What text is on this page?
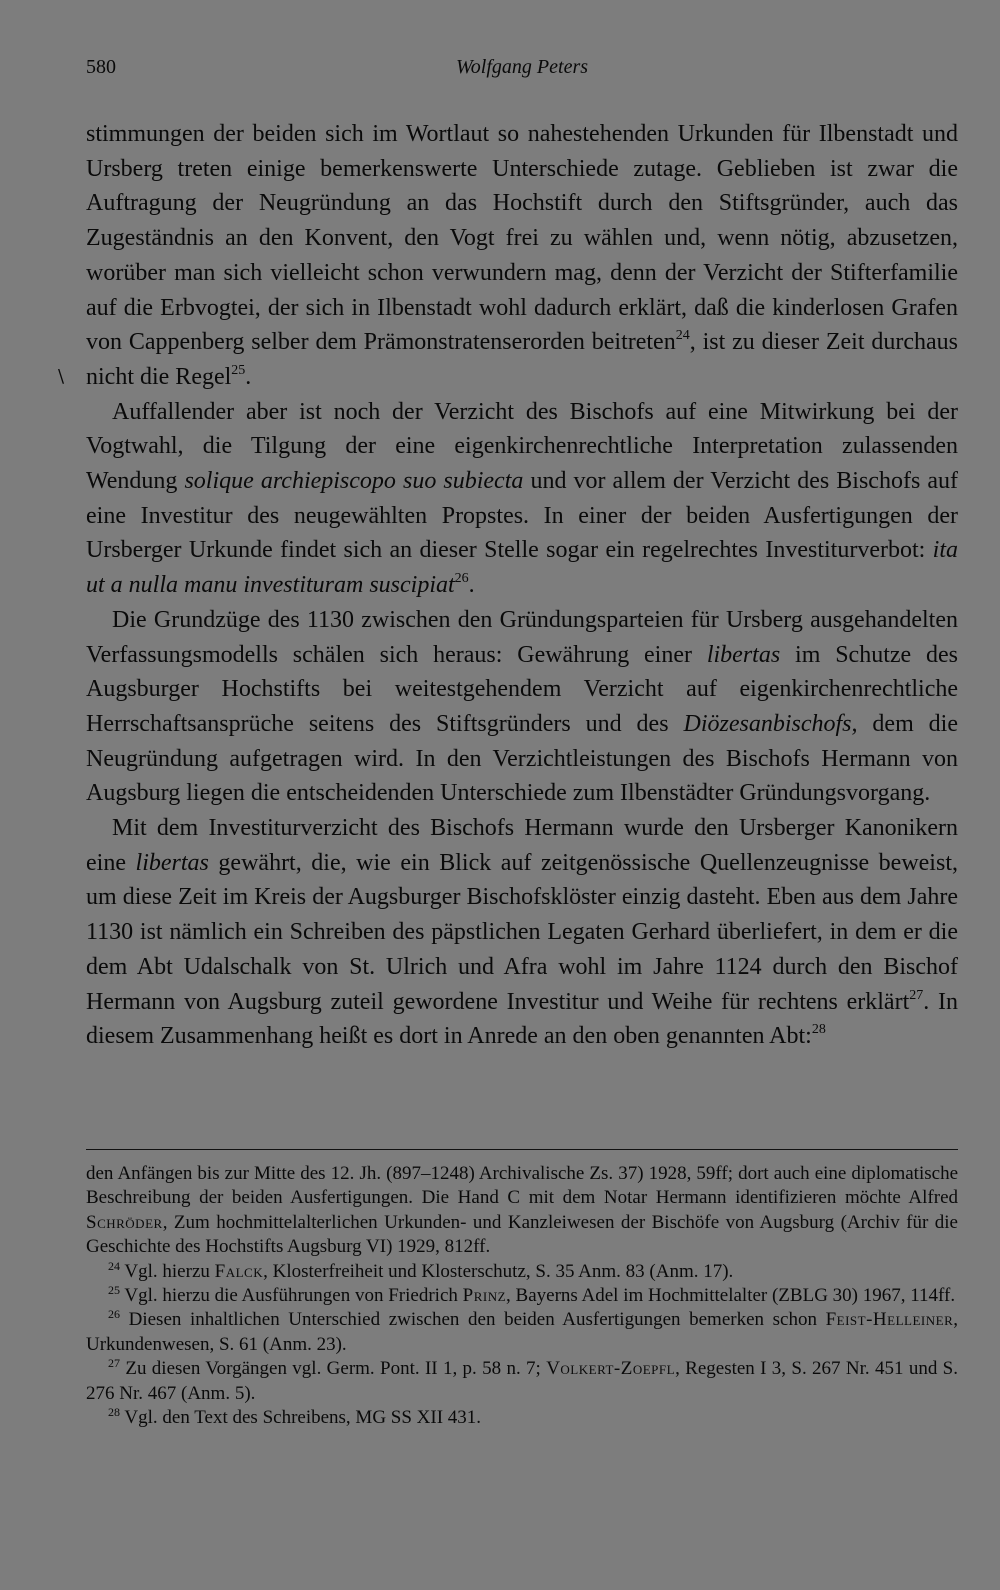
580	Wolfgang Peters
\

stimmungen der beiden sich im Wortlaut so nahestehenden Urkunden für Ilbenstadt und Ursberg treten einige bemerkenswerte Unterschiede zutage. Geblieben ist zwar die Auftragung der Neugründung an das Hochstift durch den Stiftsgründer, auch das Zugeständnis an den Konvent, den Vogt frei zu wählen und, wenn nötig, abzusetzen, worüber man sich vielleicht schon verwundern mag, denn der Verzicht der Stifterfamilie auf die Erbvogtei, der sich in Ilbenstadt wohl dadurch erklärt, daß die kinderlosen Grafen von Cappenberg selber dem Prämonstratenserorden beitreten$^{24}$, ist zu dieser Zeit durchaus nicht die Regel$^{25}$.

Auffallender aber ist noch der Verzicht des Bischofs auf eine Mitwirkung bei der Vogtwahl, die Tilgung der eine eigenkirchenrechtliche Interpretation zulassenden Wendung solique archiepiscopo suo subiecta und vor allem der Verzicht des Bischofs auf eine Investitur des neugewählten Propstes. In einer der beiden Ausfertigungen der Ursberger Urkunde findet sich an dieser Stelle sogar ein regelrechtes Investiturverbot: ita ut a nulla manu investituram suscipiat$^{26}$.

Die Grundzüge des 1130 zwischen den Gründungsparteien für Ursberg ausgehandelten Verfassungsmodells schälen sich heraus: Gewährung einer libertas im Schutze des Augsburger Hochstifts bei weitestgehendem Verzicht auf eigenkirchenrechtliche Herrschaftsansprüche seitens des Stiftsgründers und des Diözesanbischofs, dem die Neugründung aufgetragen wird. In den Verzichtleistungen des Bischofs Hermann von Augsburg liegen die entscheidenden Unterschiede zum Ilbenstädter Gründungsvorgang.

Mit dem Investiturverzicht des Bischofs Hermann wurde den Ursberger Kanonikern eine libertas gewährt, die, wie ein Blick auf zeitgenössische Quellenzeugnisse beweist, um diese Zeit im Kreis der Augsburger Bischofsklöster einzig dasteht. Eben aus dem Jahre 1130 ist nämlich ein Schreiben des päpstlichen Legaten Gerhard überliefert, in dem er die dem Abt Udalschalk von St. Ulrich und Afra wohl im Jahre 1124 durch den Bischof Hermann von Augsburg zuteil gewordene Investitur und Weihe für rechtens erklärt$^{27}$. In diesem Zusammenhang heißt es dort in Anrede an den oben genannten Abt:$^{28}$

den Anfängen bis zur Mitte des 12. Jh. (897–1248) Archivalische Zs. 37) 1928, 59ff; dort auch eine diplomatische Beschreibung der beiden Ausfertigungen. Die Hand C mit dem Notar Hermann identifizieren möchte Alfred Schröder, Zum hochmittelalterlichen Urkunden- und Kanzleiwesen der Bischöfe von Augsburg (Archiv für die Geschichte des Hochstifts Augsburg VI) 1929, 812ff.

$^{24}$ Vgl. hierzu Falck, Klosterfreiheit und Klosterschutz, S. 35 Anm. 83 (Anm. 17).

$^{25}$ Vgl. hierzu die Ausführungen von Friedrich Prinz, Bayerns Adel im Hochmittelalter (ZBLG 30) 1967, 114ff.

$^{26}$ Diesen inhaltlichen Unterschied zwischen den beiden Ausfertigungen bemerken schon Feist-Helleiner, Urkundenwesen, S. 61 (Anm. 23).

$^{27}$ Zu diesen Vorgängen vgl. Germ. Pont. II 1, p. 58 n. 7; Volkert-Zoepfl, Regesten I 3, S. 267 Nr. 451 und S. 276 Nr. 467 (Anm. 5).

$^{28}$ Vgl. den Text des Schreibens, MG SS XII 431.
